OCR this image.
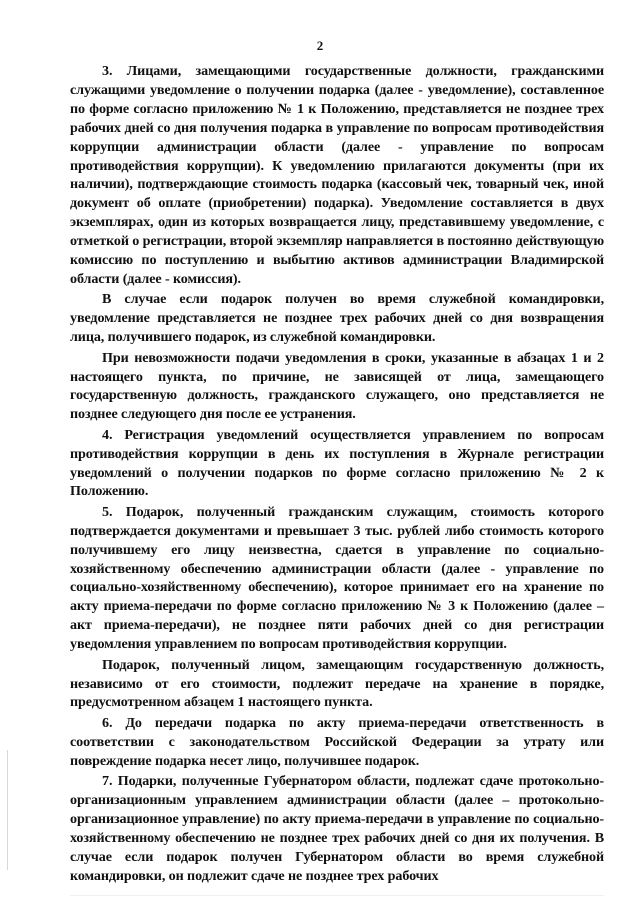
2

3. Лицами, замещающими государственные должности, гражданскими служащими уведомление о получении подарка (далее - уведомление), составленное по форме согласно приложению № 1 к Положению, представляется не позднее трех рабочих дней со дня получения подарка в управление по вопросам противодействия коррупции администрации области (далее - управление по вопросам противодействия коррупции). К уведомлению прилагаются документы (при их наличии), подтверждающие стоимость подарка (кассовый чек, товарный чек, иной документ об оплате (приобретении) подарка). Уведомление составляется в двух экземплярах, один из которых возвращается лицу, представившему уведомление, с отметкой о регистрации, второй экземпляр направляется в постоянно действующую комиссию по поступлению и выбытию активов администрации Владимирской области (далее - комиссия).

В случае если подарок получен во время служебной командировки, уведомление представляется не позднее трех рабочих дней со дня возвращения лица, получившего подарок, из служебной командировки.

При невозможности подачи уведомления в сроки, указанные в абзацах 1 и 2 настоящего пункта, по причине, не зависящей от лица, замещающего государственную должность, гражданского служащего, оно представляется не позднее следующего дня после ее устранения.

4. Регистрация уведомлений осуществляется управлением по вопросам противодействия коррупции в день их поступления в Журнале регистрации уведомлений о получении подарков по форме согласно приложению № 2 к Положению.

5. Подарок, полученный гражданским служащим, стоимость которого подтверждается документами и превышает 3 тыс. рублей либо стоимость которого получившему его лицу неизвестна, сдается в управление по социально-хозяйственному обеспечению администрации области (далее - управление по социально-хозяйственному обеспечению), которое принимает его на хранение по акту приема-передачи по форме согласно приложению № 3 к Положению (далее – акт приема-передачи), не позднее пяти рабочих дней со дня регистрации уведомления управлением по вопросам противодействия коррупции.

Подарок, полученный лицом, замещающим государственную должность, независимо от его стоимости, подлежит передаче на хранение в порядке, предусмотренном абзацем 1 настоящего пункта.

6. До передачи подарка по акту приема-передачи ответственность в соответствии с законодательством Российской Федерации за утрату или повреждение подарка несет лицо, получившее подарок.

7. Подарки, полученные Губернатором области, подлежат сдаче протокольно-организационным управлением администрации области (далее – протокольно-организационное управление) по акту приема-передачи в управление по социально-хозяйственному обеспечению не позднее трех рабочих дней со дня их получения. В случае если подарок получен Губернатором области во время служебной командировки, он подлежит сдаче не позднее трех рабочих
